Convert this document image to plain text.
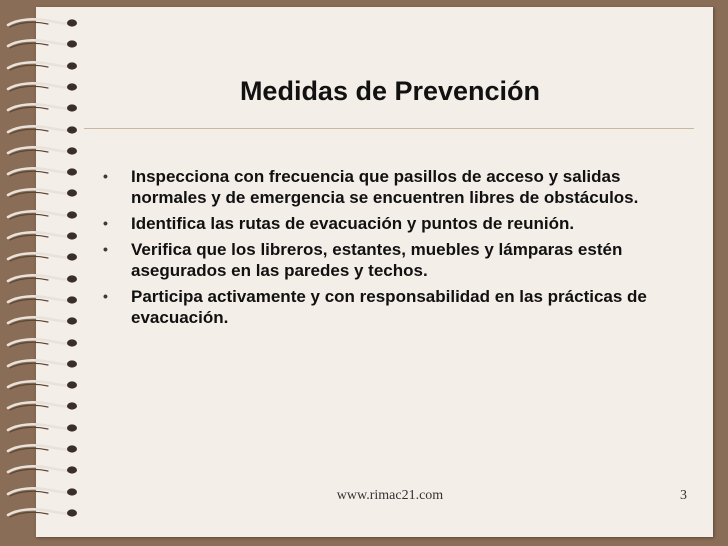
Medidas de Prevención
• Inspecciona con frecuencia que pasillos de acceso y salidas normales y de emergencia se encuentren libres de obstáculos.
• Identifica las rutas de evacuación y puntos de reunión.
• Verifica que los libreros, estantes, muebles y lámparas estén asegurados en las paredes y techos.
• Participa activamente y con responsabilidad en las prácticas de evacuación.
www.rimac21.com	3
